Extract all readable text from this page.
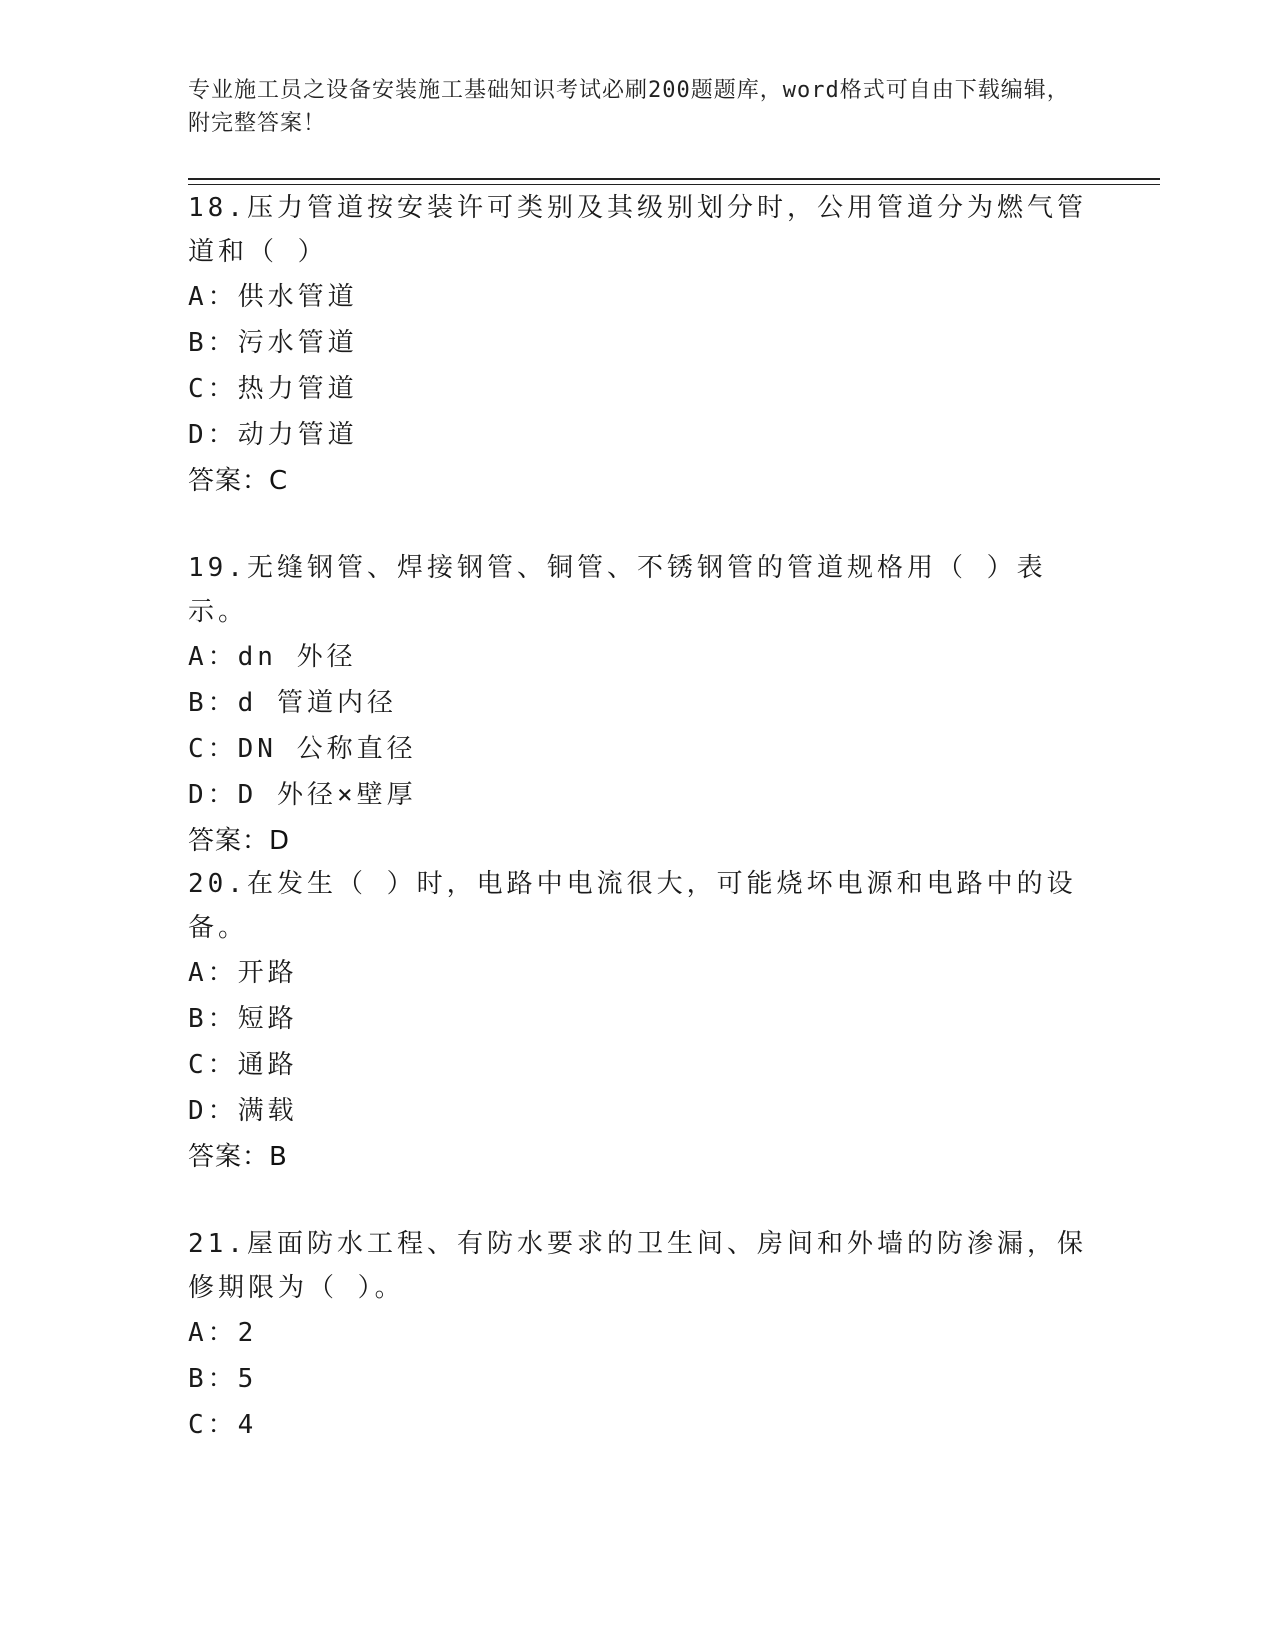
专业施工员之设备安装施工基础知识考试必刷200题题库，word格式可自由下载编辑，附完整答案！
18.压力管道按安装许可类别及其级别划分时，公用管道分为燃气管道和（ ）
A：供水管道
B：污水管道
C：热力管道
D：动力管道
答案：C
19.无缝钢管、焊接钢管、铜管、不锈钢管的管道规格用（ ）表示。
A：dn 外径
B：d 管道内径
C：DN 公称直径
D：D 外径×壁厚
答案：D
20.在发生（ ）时，电路中电流很大，可能烧坏电源和电路中的设备。
A：开路
B：短路
C：通路
D：满载
答案：B
21.屋面防水工程、有防水要求的卫生间、房间和外墙的防渗漏，保修期限为（ ）。
A：2
B：5
C：4
